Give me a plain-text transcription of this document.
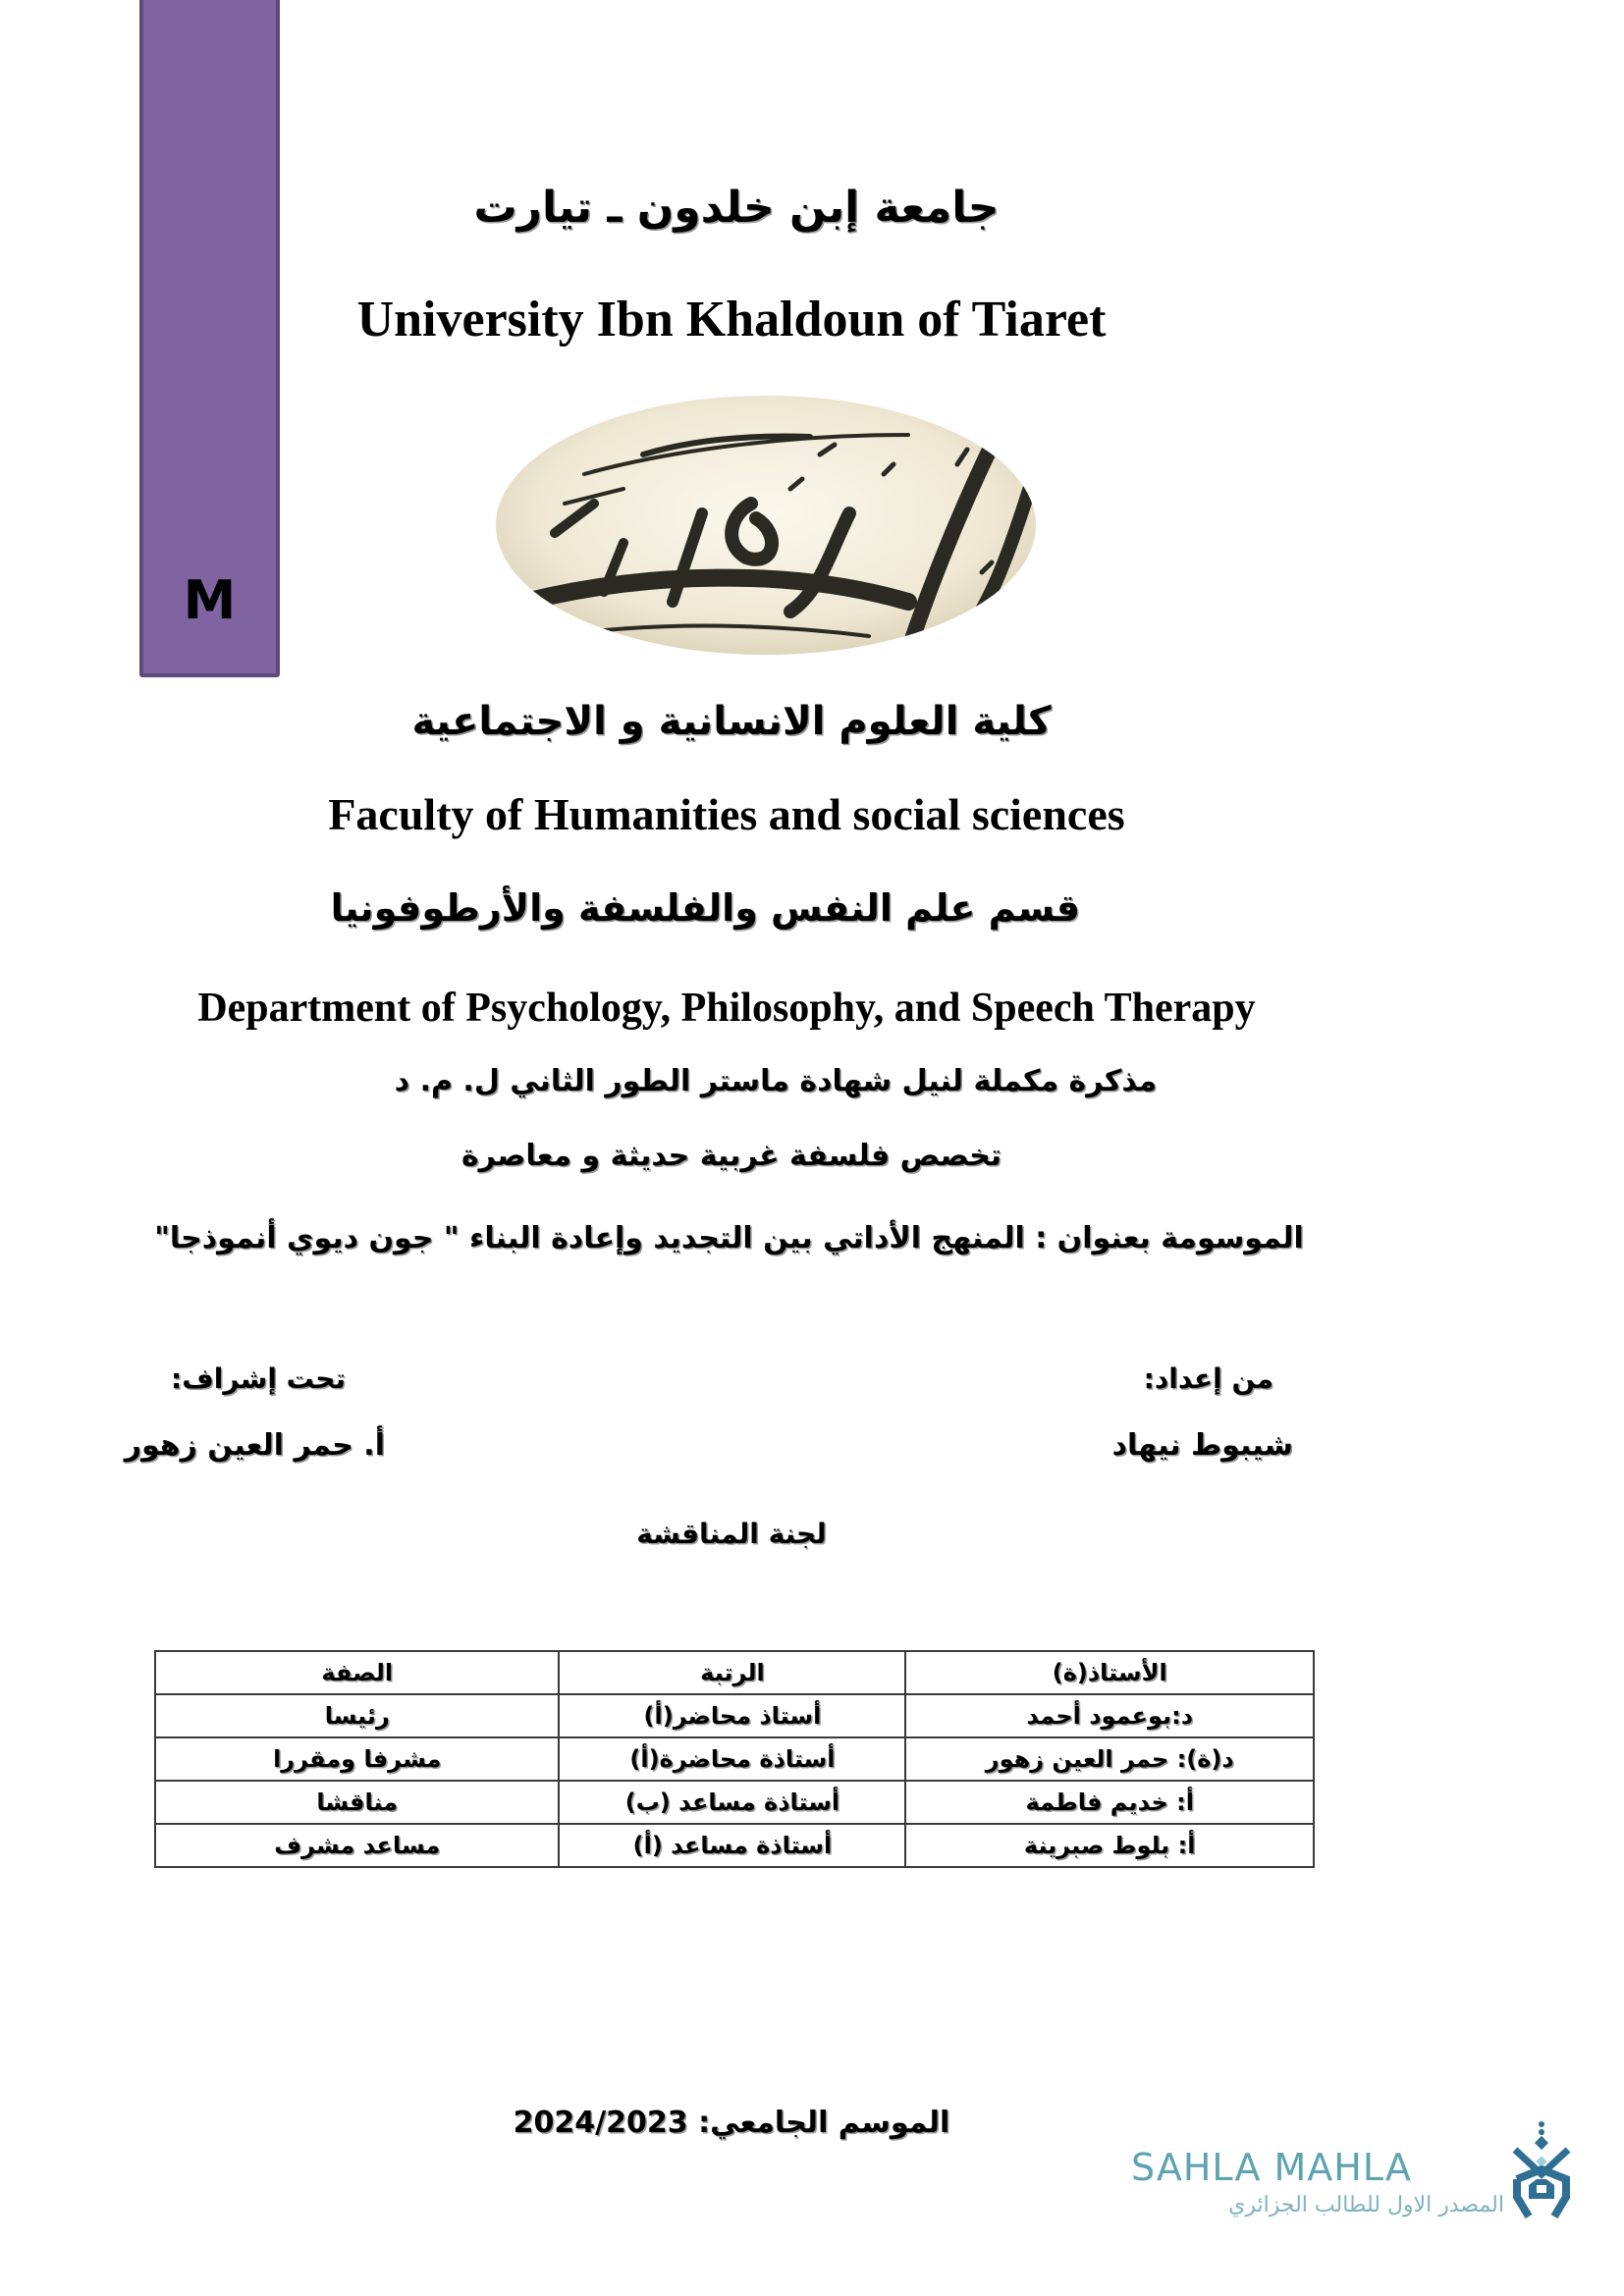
M
جامعة إبن خلدون ـ تيارت
University Ibn Khaldoun of Tiaret
كلية العلوم الانسانية و الاجتماعية
Faculty of Humanities and social sciences
قسم علم النفس والفلسفة والأرطوفونيا
Department of Psychology, Philosophy, and Speech Therapy
مذكرة مكملة لنيل شهادة ماستر الطور الثاني ل. م. د
تخصص فلسفة غربية حديثة و معاصرة
الموسومة بعنوان : المنهج الأداتي بين التجديد وإعادة البناء " جون ديوي أنموذجا"
من إعداد:
شيبوط نيهاد
تحت إشراف:
أ. حمر العين زهور
لجنة المناقشة
الأستاذ(ة)	الرتبة	الصفة
د:بوعمود أحمد	أستاذ محاضر(أ)	رئيسا
د(ة): حمر العين زهور	أستاذة محاضرة(أ)	مشرفا ومقررا
أ: خديم فاطمة	أستاذة مساعد (ب)	مناقشا
أ: بلوط صبرينة	أستاذة مساعد (أ)	مساعد مشرف
الموسم الجامعي: 2024/2023
SAHLA MAHLA
المصدر الاول للطالب الجزائري
